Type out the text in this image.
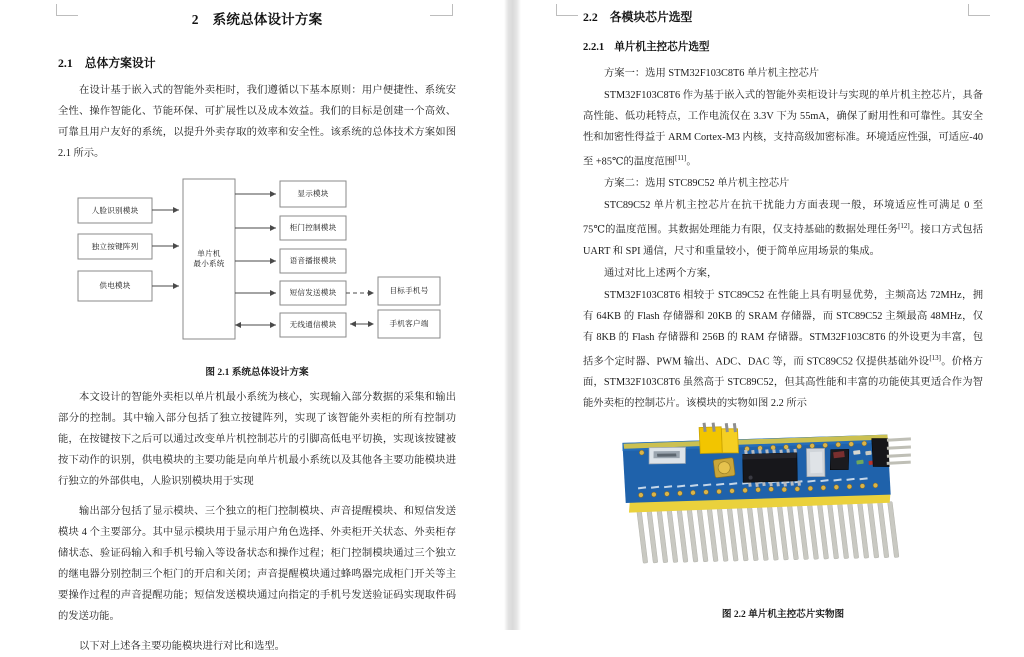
2 系统总体设计方案
2.1 总体方案设计

在设计基于嵌入式的智能外卖柜时，我们遵循以下基本原则：用户便捷性、系统安全性、操作智能化、节能环保、可扩展性以及成本效益。我们的目标是创建一个高效、可靠且用户友好的系统，以提升外卖存取的效率和安全性。该系统的总体技术方案如图 2.1 所示。

人脸识别模块
独立按键阵列
供电模块
单片机
最小系统
显示模块
柜门控制模块
语音播报模块
短信发送模块
无线通信模块
目标手机号
手机客户端
图 2.1 系统总体设计方案

本文设计的智能外卖柜以单片机最小系统为核心，实现输入部分数据的采集和输出部分的控制。其中输入部分包括了独立按键阵列，实现了该智能外卖柜的所有控制功能，在按键按下之后可以通过改变单片机控制芯片的引脚高低电平切换，实现该按键被按下动作的识别，供电模块的主要功能是向单片机最小系统以及其他各主要功能模块进行独立的外部供电，人脸识别模块用于实现

输出部分包括了显示模块、三个独立的柜门控制模块、声音提醒模块、和短信发送模块 4 个主要部分。其中显示模块用于显示用户角色选择、外卖柜开关状态、外卖柜存储状态、验证码输入和手机号输入等设备状态和操作过程；柜门控制模块通过三个独立的继电器分别控制三个柜门的开启和关闭；声音提醒模块通过蜂鸣器完成柜门开关等主要操作过程的声音提醒功能；短信发送模块通过向指定的手机号发送验证码实现取件码的发送功能。

以下对上述各主要功能模块进行对比和选型。

2.2 各模块芯片选型
2.2.1 单片机主控芯片选型

方案一：选用 STM32F103C8T6 单片机主控芯片

STM32F103C8T6 作为基于嵌入式的智能外卖柜设计与实现的单片机主控芯片，具备高性能、低功耗特点，工作电流仅在 3.3V 下为 55mA，确保了耐用性和可靠性。其安全性和加密性得益于 ARM Cortex-M3 内核，支持高级加密标准。环境适应性强，可适应-40 至 +85℃的温度范围[11]。

方案二：选用 STC89C52 单片机主控芯片

STC89C52 单片机主控芯片在抗干扰能力方面表现一般，环境适应性可满足 0 至 75℃的温度范围。其数据处理能力有限，仅支持基础的数据处理任务[12]。接口方式包括 UART 和 SPI 通信，尺寸和重量较小，便于简单应用场景的集成。

通过对比上述两个方案，

STM32F103C8T6 相较于 STC89C52 在性能上具有明显优势，主频高达 72MHz，拥有 64KB 的 Flash 存储器和 20KB 的 SRAM 存储器，而 STC89C52 主频最高 48MHz，仅有 8KB 的 Flash 存储器和 256B 的 RAM 存储器。STM32F103C8T6 的外设更为丰富，包括多个定时器、PWM 输出、ADC、DAC 等，而 STC89C52 仅提供基础外设[13]。价格方面，STM32F103C8T6 虽然高于 STC89C52，但其高性能和丰富的功能使其更适合作为智能外卖柜的控制芯片。该模块的实物如图 2.2 所示

图 2.2 单片机主控芯片实物图
